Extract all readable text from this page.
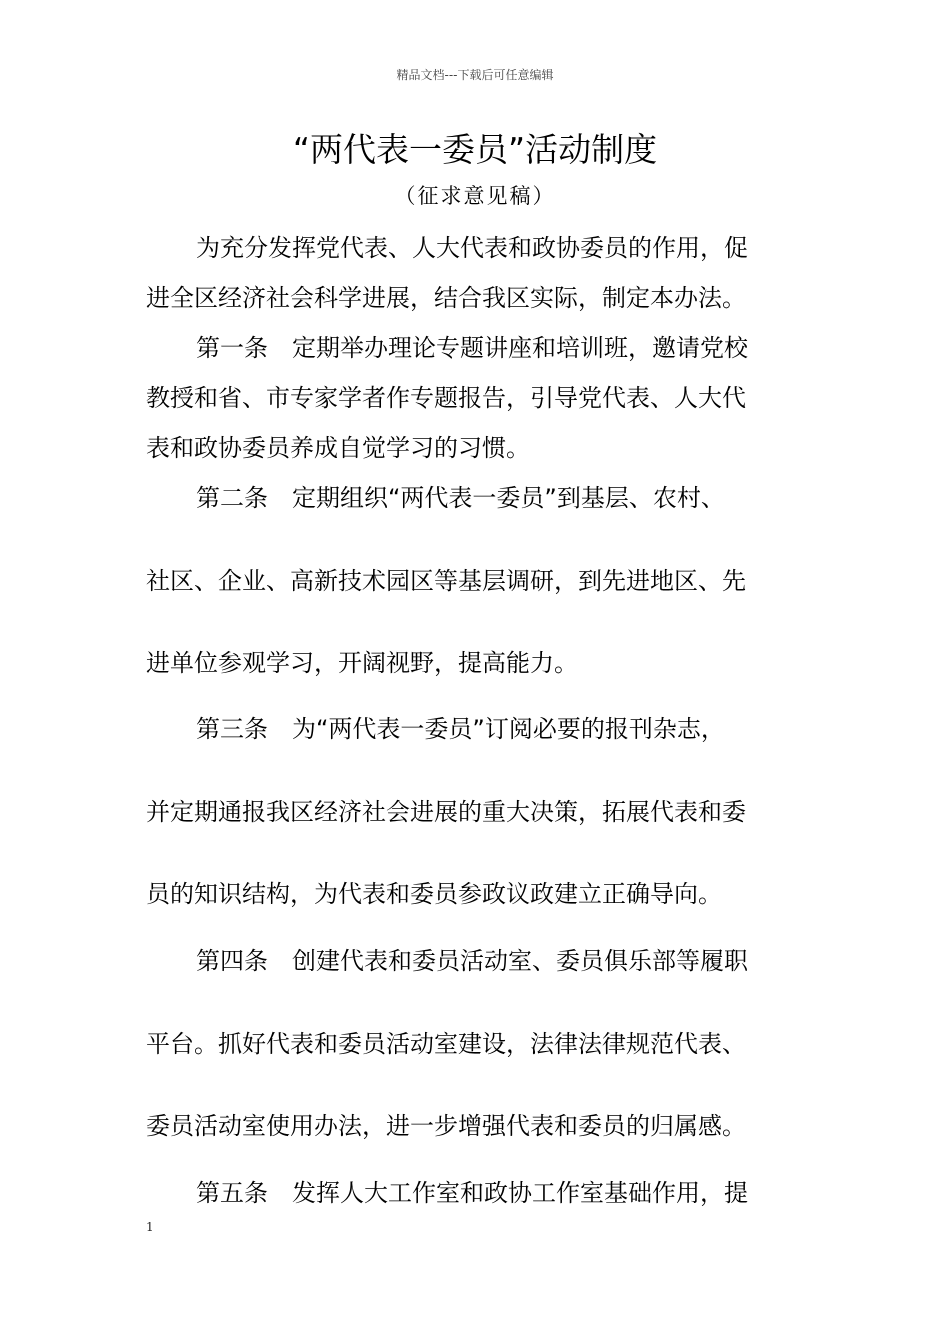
精品文档---下载后可任意编辑
“两代表一委员”活动制度
（征求意见稿）
为充分发挥党代表、人大代表和政协委员的作用，促
进全区经济社会科学进展，结合我区实际，制定本办法。
第一条　定期举办理论专题讲座和培训班，邀请党校
教授和省、市专家学者作专题报告，引导党代表、人大代
表和政协委员养成自觉学习的习惯。
第二条　定期组织“两代表一委员”到基层、农村、
社区、企业、高新技术园区等基层调研，到先进地区、先
进单位参观学习，开阔视野，提高能力。
第三条　为“两代表一委员”订阅必要的报刊杂志，
并定期通报我区经济社会进展的重大决策，拓展代表和委
员的知识结构，为代表和委员参政议政建立正确导向。
第四条　创建代表和委员活动室、委员俱乐部等履职
平台。抓好代表和委员活动室建设，法律法律规范代表、
委员活动室使用办法，进一步增强代表和委员的归属感。
第五条　发挥人大工作室和政协工作室基础作用，提
1
